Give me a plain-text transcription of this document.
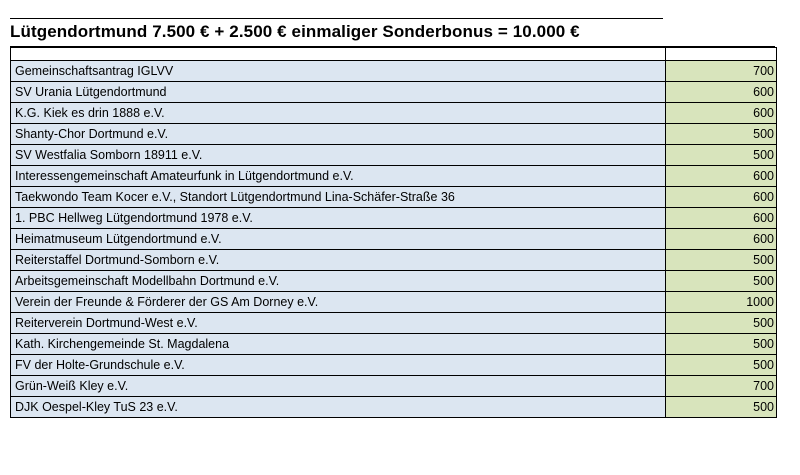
Lütgendortmund 7.500 € + 2.500 € einmaliger Sonderbonus = 10.000 €

Gemeinschaftsantrag IGLVV	700
SV Urania Lütgendortmund	600
K.G. Kiek es drin 1888 e.V.	600
Shanty-Chor Dortmund e.V.	500
SV Westfalia Somborn 18911 e.V.	500
Interessengemeinschaft Amateurfunk in Lütgendortmund e.V.	600
Taekwondo Team Kocer e.V., Standort Lütgendortmund Lina-Schäfer-Straße 36	600
1. PBC Hellweg Lütgendortmund 1978 e.V.	600
Heimatmuseum Lütgendortmund e.V.	600
Reiterstaffel Dortmund-Somborn e.V.	500
Arbeitsgemeinschaft Modellbahn Dortmund e.V.	500
Verein der Freunde & Förderer der GS Am Dorney e.V.	1000
Reiterverein Dortmund-West e.V.	500
Kath. Kirchengemeinde St. Magdalena	500
FV der Holte-Grundschule e.V.	500
Grün-Weiß Kley e.V.	700
DJK Oespel-Kley TuS 23 e.V.	500
